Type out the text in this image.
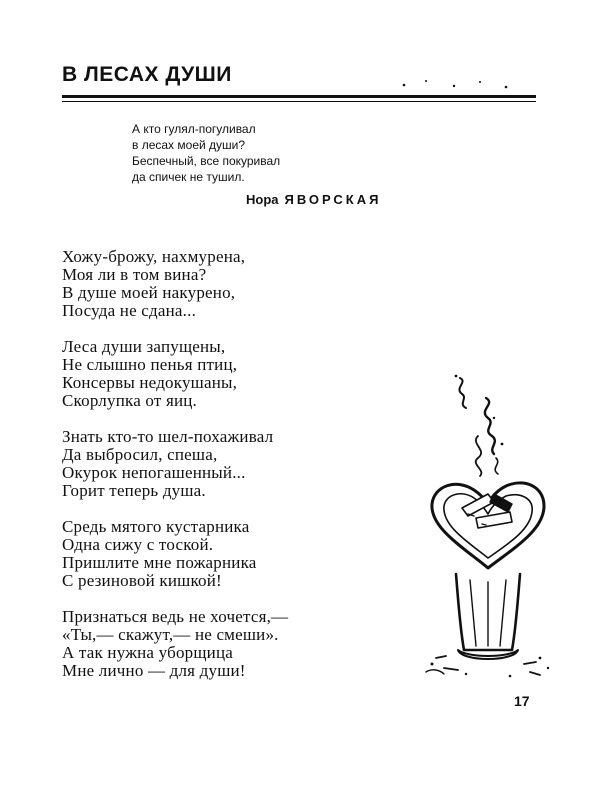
В ЛЕСАХ ДУШИ
А кто гулял-погуливал
в лесах моей души?
Беспечный, все покуривал
да спичек не тушил.
Нора ЯВОРСКАЯ
Хожу-брожу, нахмурена,
Моя ли в том вина?
В душе моей накурено,
Посуда не сдана...
Леса души запущены,
Не слышно пенья птиц,
Консервы недокушаны,
Скорлупка от яиц.
Знать кто-то шел-похаживал
Да выбросил, спеша,
Окурок непогашенный...
Горит теперь душа.
Средь мятого кустарника
Одна сижу с тоской.
Пришлите мне пожарника
С резиновой кишкой!
Признаться ведь не хочется,—
«Ты,— скажут,— не смеши».
А так нужна уборщица
Мне лично — для души!
17
